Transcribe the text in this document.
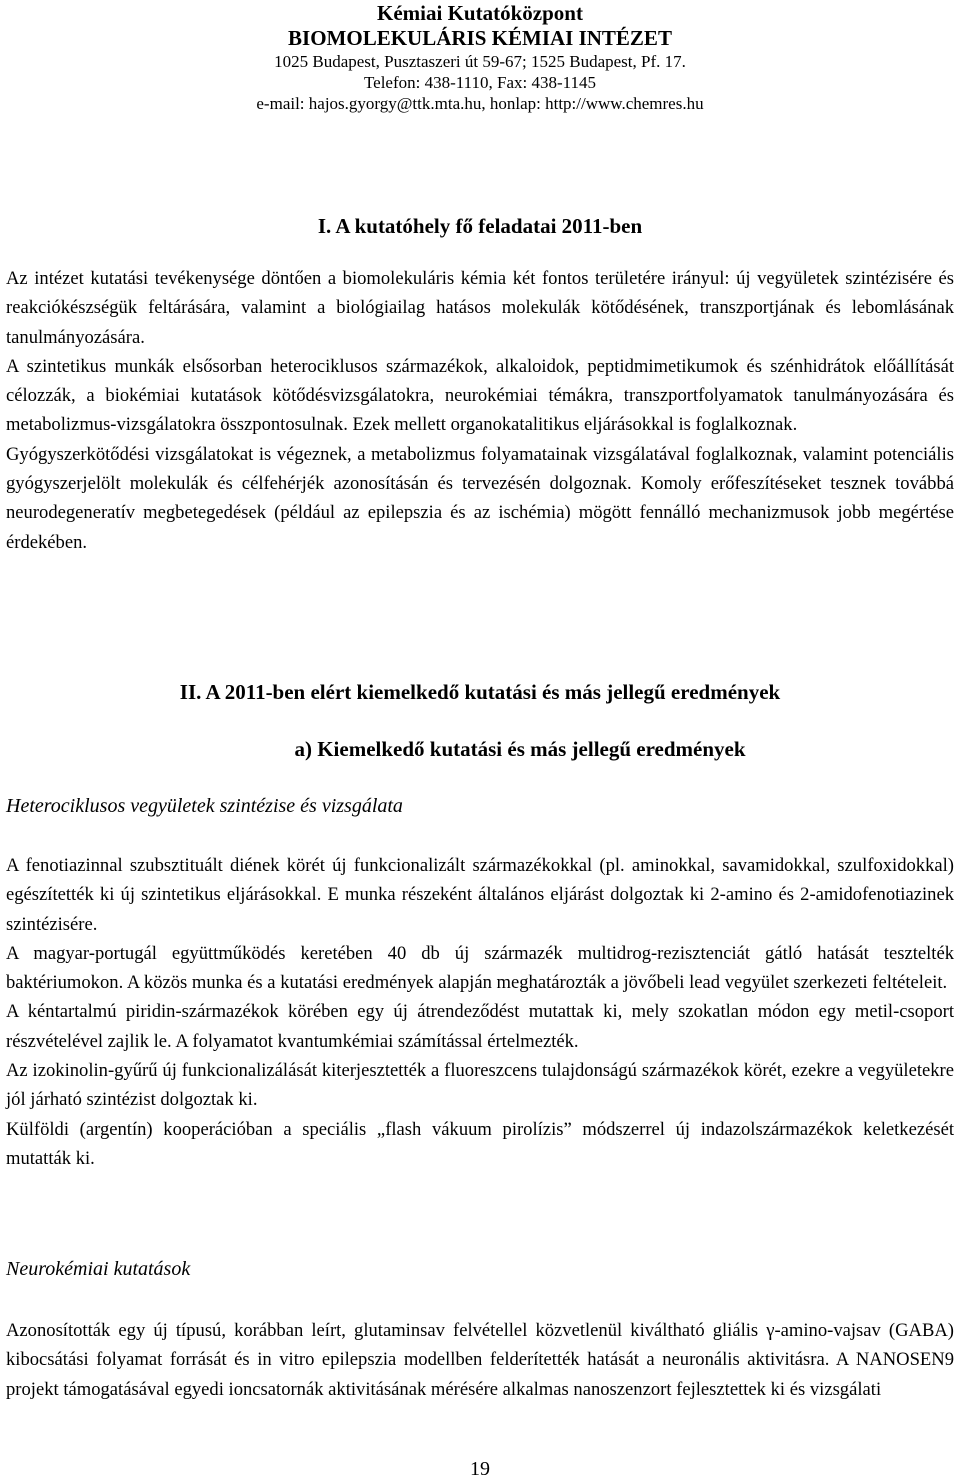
Kémiai Kutatóközpont
BIOMOLEKULÁRIS KÉMIAI INTÉZET
1025 Budapest, Pusztaszeri út 59-67; 1525 Budapest, Pf. 17.
Telefon: 438-1110, Fax: 438-1145
e-mail: hajos.gyorgy@ttk.mta.hu, honlap: http://www.chemres.hu
I. A kutatóhely fő feladatai 2011-ben

Az intézet kutatási tevékenysége döntően a biomolekuláris kémia két fontos területére irányul: új vegyületek szintézisére és reakciókészségük feltárására, valamint a biológiailag hatásos molekulák kötődésének, transzportjának és lebomlásának tanulmányozására.

A szintetikus munkák elsősorban heterociklusos származékok, alkaloidok, peptidmimetikumok és szénhidrátok előállítását célozzák, a biokémiai kutatások kötődésvizsgálatokra, neurokémiai témákra, transzportfolyamatok tanulmányozására és metabolizmus-vizsgálatokra összpontosulnak. Ezek mellett organokatalitikus eljárásokkal is foglalkoznak.

Gyógyszerkötődési vizsgálatokat is végeznek, a metabolizmus folyamatainak vizsgálatával foglalkoznak, valamint potenciális gyógyszerjelölt molekulák és célfehérjék azonosításán és tervezésén dolgoznak. Komoly erőfeszítéseket tesznek továbbá neurodegeneratív megbetegedések (például az epilepszia és az ischémia) mögött fennálló mechanizmusok jobb megértése érdekében.

II. A 2011-ben elért kiemelkedő kutatási és más jellegű eredmények
a) Kiemelkedő kutatási és más jellegű eredmények
Heterociklusos vegyületek szintézise és vizsgálata

A fenotiazinnal szubsztituált diének körét új funkcionalizált származékokkal (pl. aminokkal, savamidokkal, szulfoxidokkal) egészítették ki új szintetikus eljárásokkal. E munka részeként általános eljárást dolgoztak ki 2-amino és 2-amidofenotiazinek szintézisére.

A magyar-portugál együttműködés keretében 40 db új származék multidrog-rezisztenciát gátló hatását tesztelték baktériumokon. A közös munka és a kutatási eredmények alapján meghatározták a jövőbeli lead vegyület szerkezeti feltételeit.

A kéntartalmú piridin-származékok körében egy új átrendeződést mutattak ki, mely szokatlan módon egy metil-csoport részvételével zajlik le. A folyamatot kvantumkémiai számítással értelmezték.

Az izokinolin-gyűrű új funkcionalizálását kiterjesztették a fluoreszcens tulajdonságú származékok körét, ezekre a vegyületekre jól járható szintézist dolgoztak ki.

Külföldi (argentín) kooperációban a speciális „flash vákuum pirolízis” módszerrel új indazolszármazékok keletkezését mutatták ki.

Neurokémiai kutatások

Azonosították egy új típusú, korábban leírt, glutaminsav felvétellel közvetlenül kiváltható gliális γ-amino-vajsav (GABA) kibocsátási folyamat forrását és in vitro epilepszia modellben felderítették hatását a neuronális aktivitásra. A NANOSEN9 projekt támogatásával egyedi ioncsatornák aktivitásának mérésére alkalmas nanoszenzort fejlesztettek ki és vizsgálati

19
